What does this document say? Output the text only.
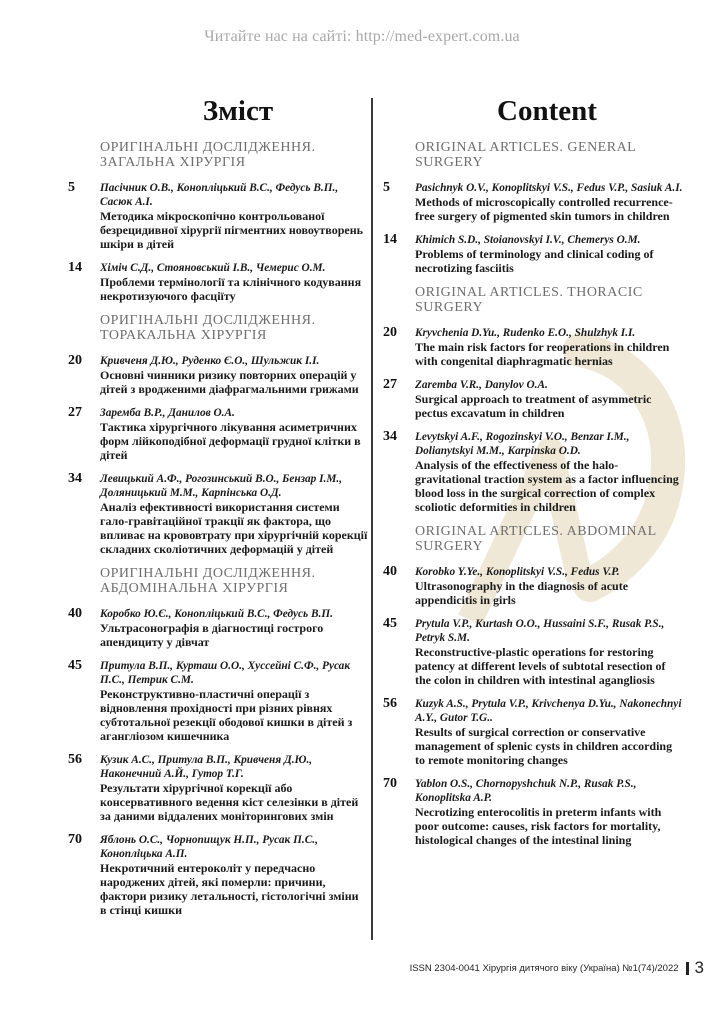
Читайте нас на сайті: http://med-expert.com.ua
Зміст
ОРИГІНАЛЬНІ ДОСЛІДЖЕННЯ. ЗАГАЛЬНА ХІРУРГІЯ
5	Пасічник О.В., Конопліцький В.С., Федусь В.П., Сасюк А.І.
Методика мікроскопічно контрольованої безрецидивної хірургії пігментних новоутворень шкіри в дітей
14	Хіміч С.Д., Стояновський І.В., Чемерис О.М.
Проблеми термінології та клінічного кодування некротизуючого фасціїту
ОРИГІНАЛЬНІ ДОСЛІДЖЕННЯ. ТОРАКАЛЬНА ХІРУРГІЯ
20	Кривченя Д.Ю., Руденко Є.О., Шульжик І.І.
Основні чинники ризику повторних операцій у дітей з вродженими діафрагмальними грижами
27	Заремба В.Р., Данилов О.А.
Тактика хірургічного лікування асиметричних форм лійкоподібної деформації грудної клітки в дітей
34	Левицький А.Ф., Рогозинський В.О., Бензар І.М., Доляницький М.М., Карпінська О.Д.
Аналіз ефективності використання системи гало-гравітаційної тракції як фактора, що впливає на крововтрату при хірургічній корекції складних сколіотичних деформацій у дітей
ОРИГІНАЛЬНІ ДОСЛІДЖЕННЯ. АБДОМІНАЛЬНА ХІРУРГІЯ
40	Коробко Ю.Є., Конопліцький В.С., Федусь В.П.
Ультрасонографія в діагностиці гострого апендициту у дівчат
45	Притула В.П., Курташ О.О., Хуссейні С.Ф., Русак П.С., Петрик С.М.
Реконструктивно-пластичні операції з відновлення прохідності при різних рівнях субтотальної резекції ободової кишки в дітей з агангліозом кишечника
56	Кузик А.С., Притула В.П., Кривченя Д.Ю., Наконечний А.Й., Гутор Т.Г.
Результати хірургічної корекції або консервативного ведення кіст селезінки в дітей за даними віддалених моніторингових змін
70	Яблонь О.С., Чорнопищук Н.П., Русак П.С., Конопліцька А.П.
Некротичний ентероколіт у передчасно народжених дітей, які померли: причини, фактори ризику летальності, гістологічні зміни в стінці кишки
Content
ORIGINAL ARTICLES. GENERAL SURGERY
5	Pasichnyk O.V., Konoplitskyi V.S., Fedus V.P., Sasiuk A.I.
Methods of microscopically controlled recurrence-free surgery of pigmented skin tumors in children
14	Khimich S.D., Stoianovskyi I.V., Chemerys O.M.
Problems of terminology and clinical coding of necrotizing fasciitis
ORIGINAL ARTICLES. THORACIC SURGERY
20	Kryvchenia D.Yu., Rudenko E.O., Shulzhyk I.I.
The main risk factors for reoperations in children with congenital diaphragmatic hernias
27	Zaremba V.R., Danylov O.A.
Surgical approach to treatment of asymmetric pectus excavatum in children
34	Levytskyi A.F., Rogozinskyi V.O., Benzar I.M., Dolianytskyi M.M., Karpinska O.D.
Analysis of the effectiveness of the halo-gravitational traction system as a factor influencing blood loss in the surgical correction of complex scoliotic deformities in children
ORIGINAL ARTICLES. ABDOMINAL SURGERY
40	Korobko Y.Ye., Konoplitskyi V.S., Fedus V.P.
Ultrasonography in the diagnosis of acute appendicitis in girls
45	Prytula V.P., Kurtash O.O., Hussaini S.F., Rusak P.S., Petryk S.M.
Reconstructive-plastic operations for restoring patency at different levels of subtotal resection of the colon in children with intestinal agangliosis
56	Kuzyk A.S., Prytula V.P., Krivchenya D.Yu., Nakonechnyi A.Y., Gutor T.G..
Results of surgical correction or conservative management of splenic cysts in children according to remote monitoring changes
70	Yablon O.S., Chornopyshchuk N.P., Rusak P.S., Konoplitska A.P.
Necrotizing enterocolitis in preterm infants with poor outcome: causes, risk factors for mortality, histological changes of the intestinal lining
ISSN 2304-0041 Хірургія дитячого віку (Україна) №1(74)/2022 3
